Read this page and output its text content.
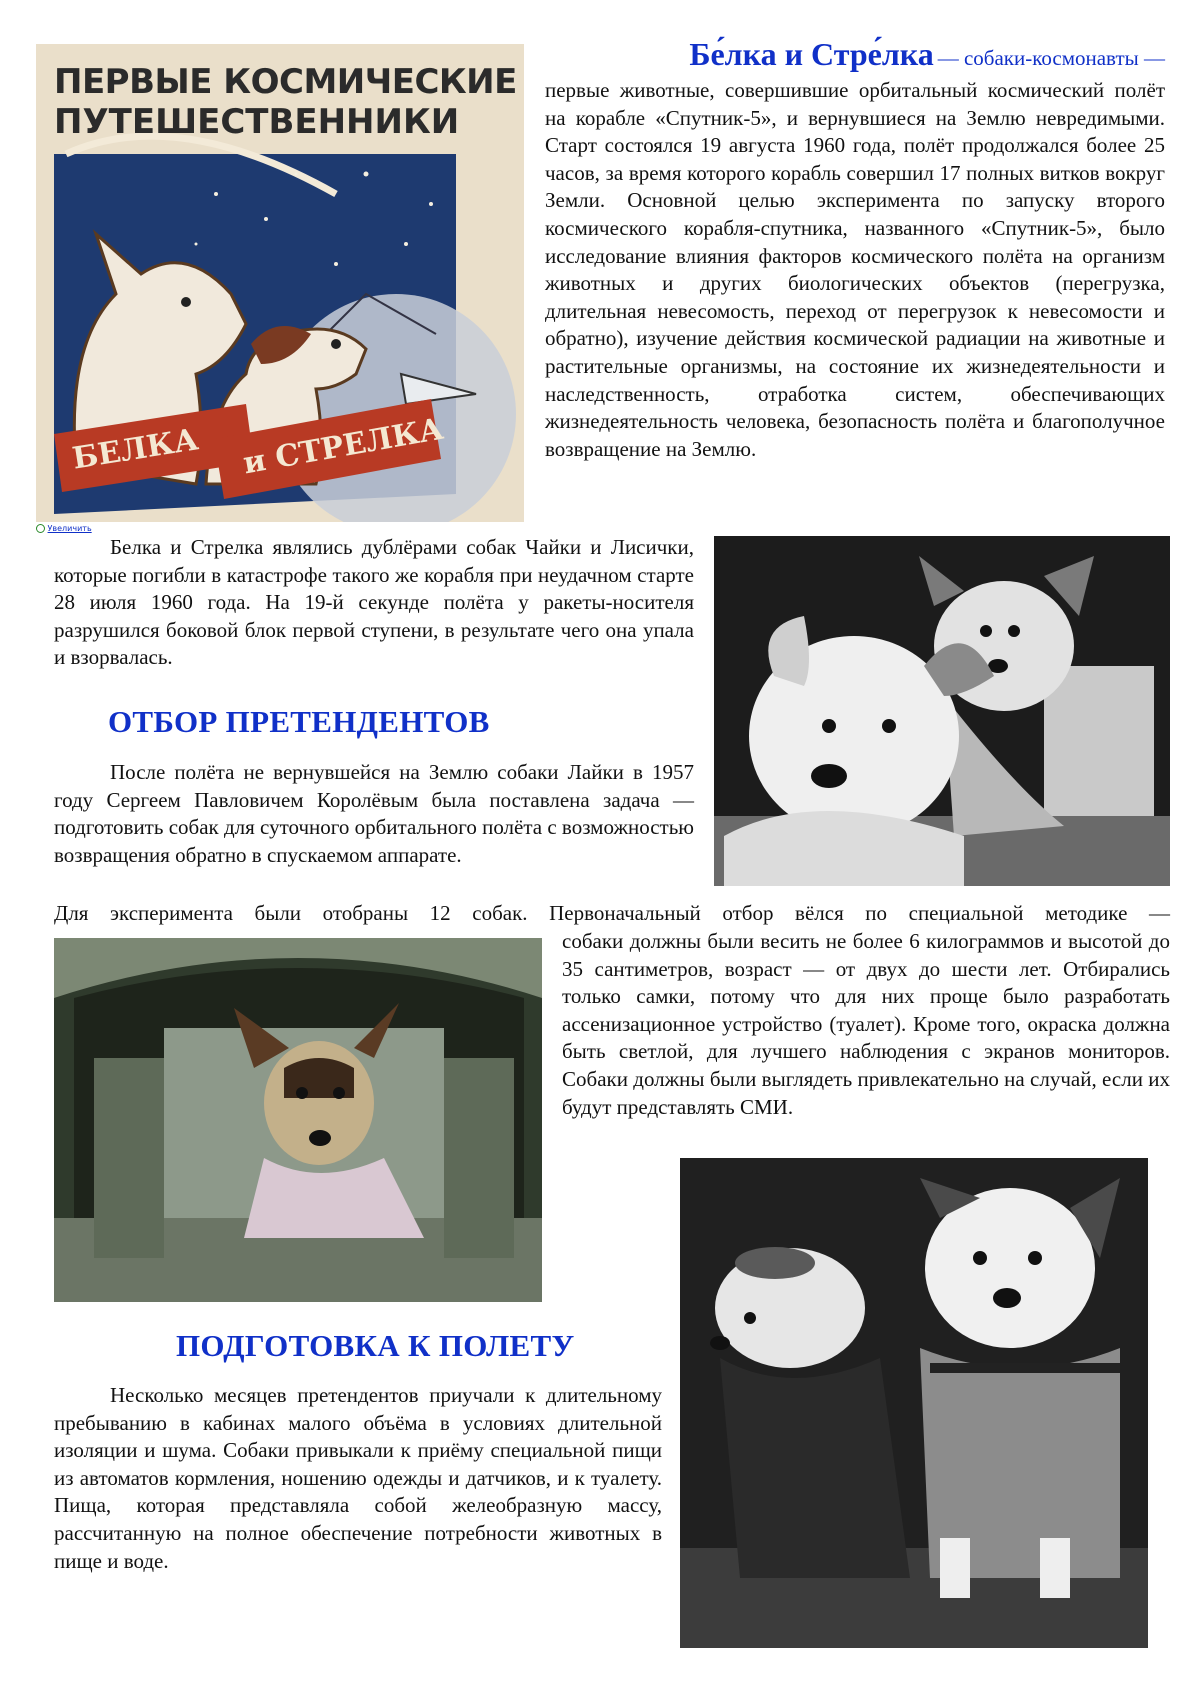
ПЕРВЫЕ КОСМИЧЕСКИЕ
ПУТЕШЕСТВЕННИКИ
БЕЛКА и СТРЕЛКА
Увеличить
Бе́лка и Стре́лка — собаки-космонавты —

первые животные, совершившие орбитальный космический полёт на корабле «Спутник-5», и вернувшиеся на Землю невредимыми. Старт состоялся 19 августа 1960 года, полёт продолжался более 25 часов, за время которого корабль совершил 17 полных витков вокруг Земли. Основной целью эксперимента по запуску второго космического корабля-спутника, названного «Спутник-5», было исследование влияния факторов космического полёта на организм животных и других биологических объектов (перегрузка, длительная невесомость, переход от перегрузок к невесомости и обратно), изучение действия космической радиации на животные и растительные организмы, на состояние их жизнедеятельности и наследственность, отработка систем, обеспечивающих жизнедеятельность человека, безопасность полёта и благополучное возвращение на Землю.

Белка и Стрелка являлись дублёрами собак Чайки и Лисички, которые погибли в катастрофе такого же корабля при неудачном старте 28 июля 1960 года. На 19-й секунде полёта у ракеты-носителя разрушился боковой блок первой ступени, в результате чего она упала и взорвалась.

ОТБОР ПРЕТЕНДЕНТОВ

После полёта не вернувшейся на Землю собаки Лайки в 1957 году Сергеем Павловичем Королёвым была поставлена задача — подготовить собак для суточного орбитального полёта с возможностью возвращения обратно в спускаемом аппарате.

Для эксперимента были отобраны 12 собак. Первоначальный отбор вёлся по специальной методике —

собаки должны были весить не более 6 килограммов и высотой до 35 сантиметров, возраст — от двух до шести лет. Отбирались только самки, потому что для них проще было разработать ассенизационное устройство (туалет). Кроме того, окраска должна быть светлой, для лучшего наблюдения с экранов мониторов. Собаки должны были выглядеть привлекательно на случай, если их будут представлять СМИ.

ПОДГОТОВКА К ПОЛЕТУ

Несколько месяцев претендентов приучали к длительному пребыванию в кабинах малого объёма в условиях длительной изоляции и шума. Собаки привыкали к приёму специальной пищи из автоматов кормления, ношению одежды и датчиков, и к туалету. Пища, которая представляла собой желеобразную массу, рассчитанную на полное обеспечение потребности животных в пище и воде.
